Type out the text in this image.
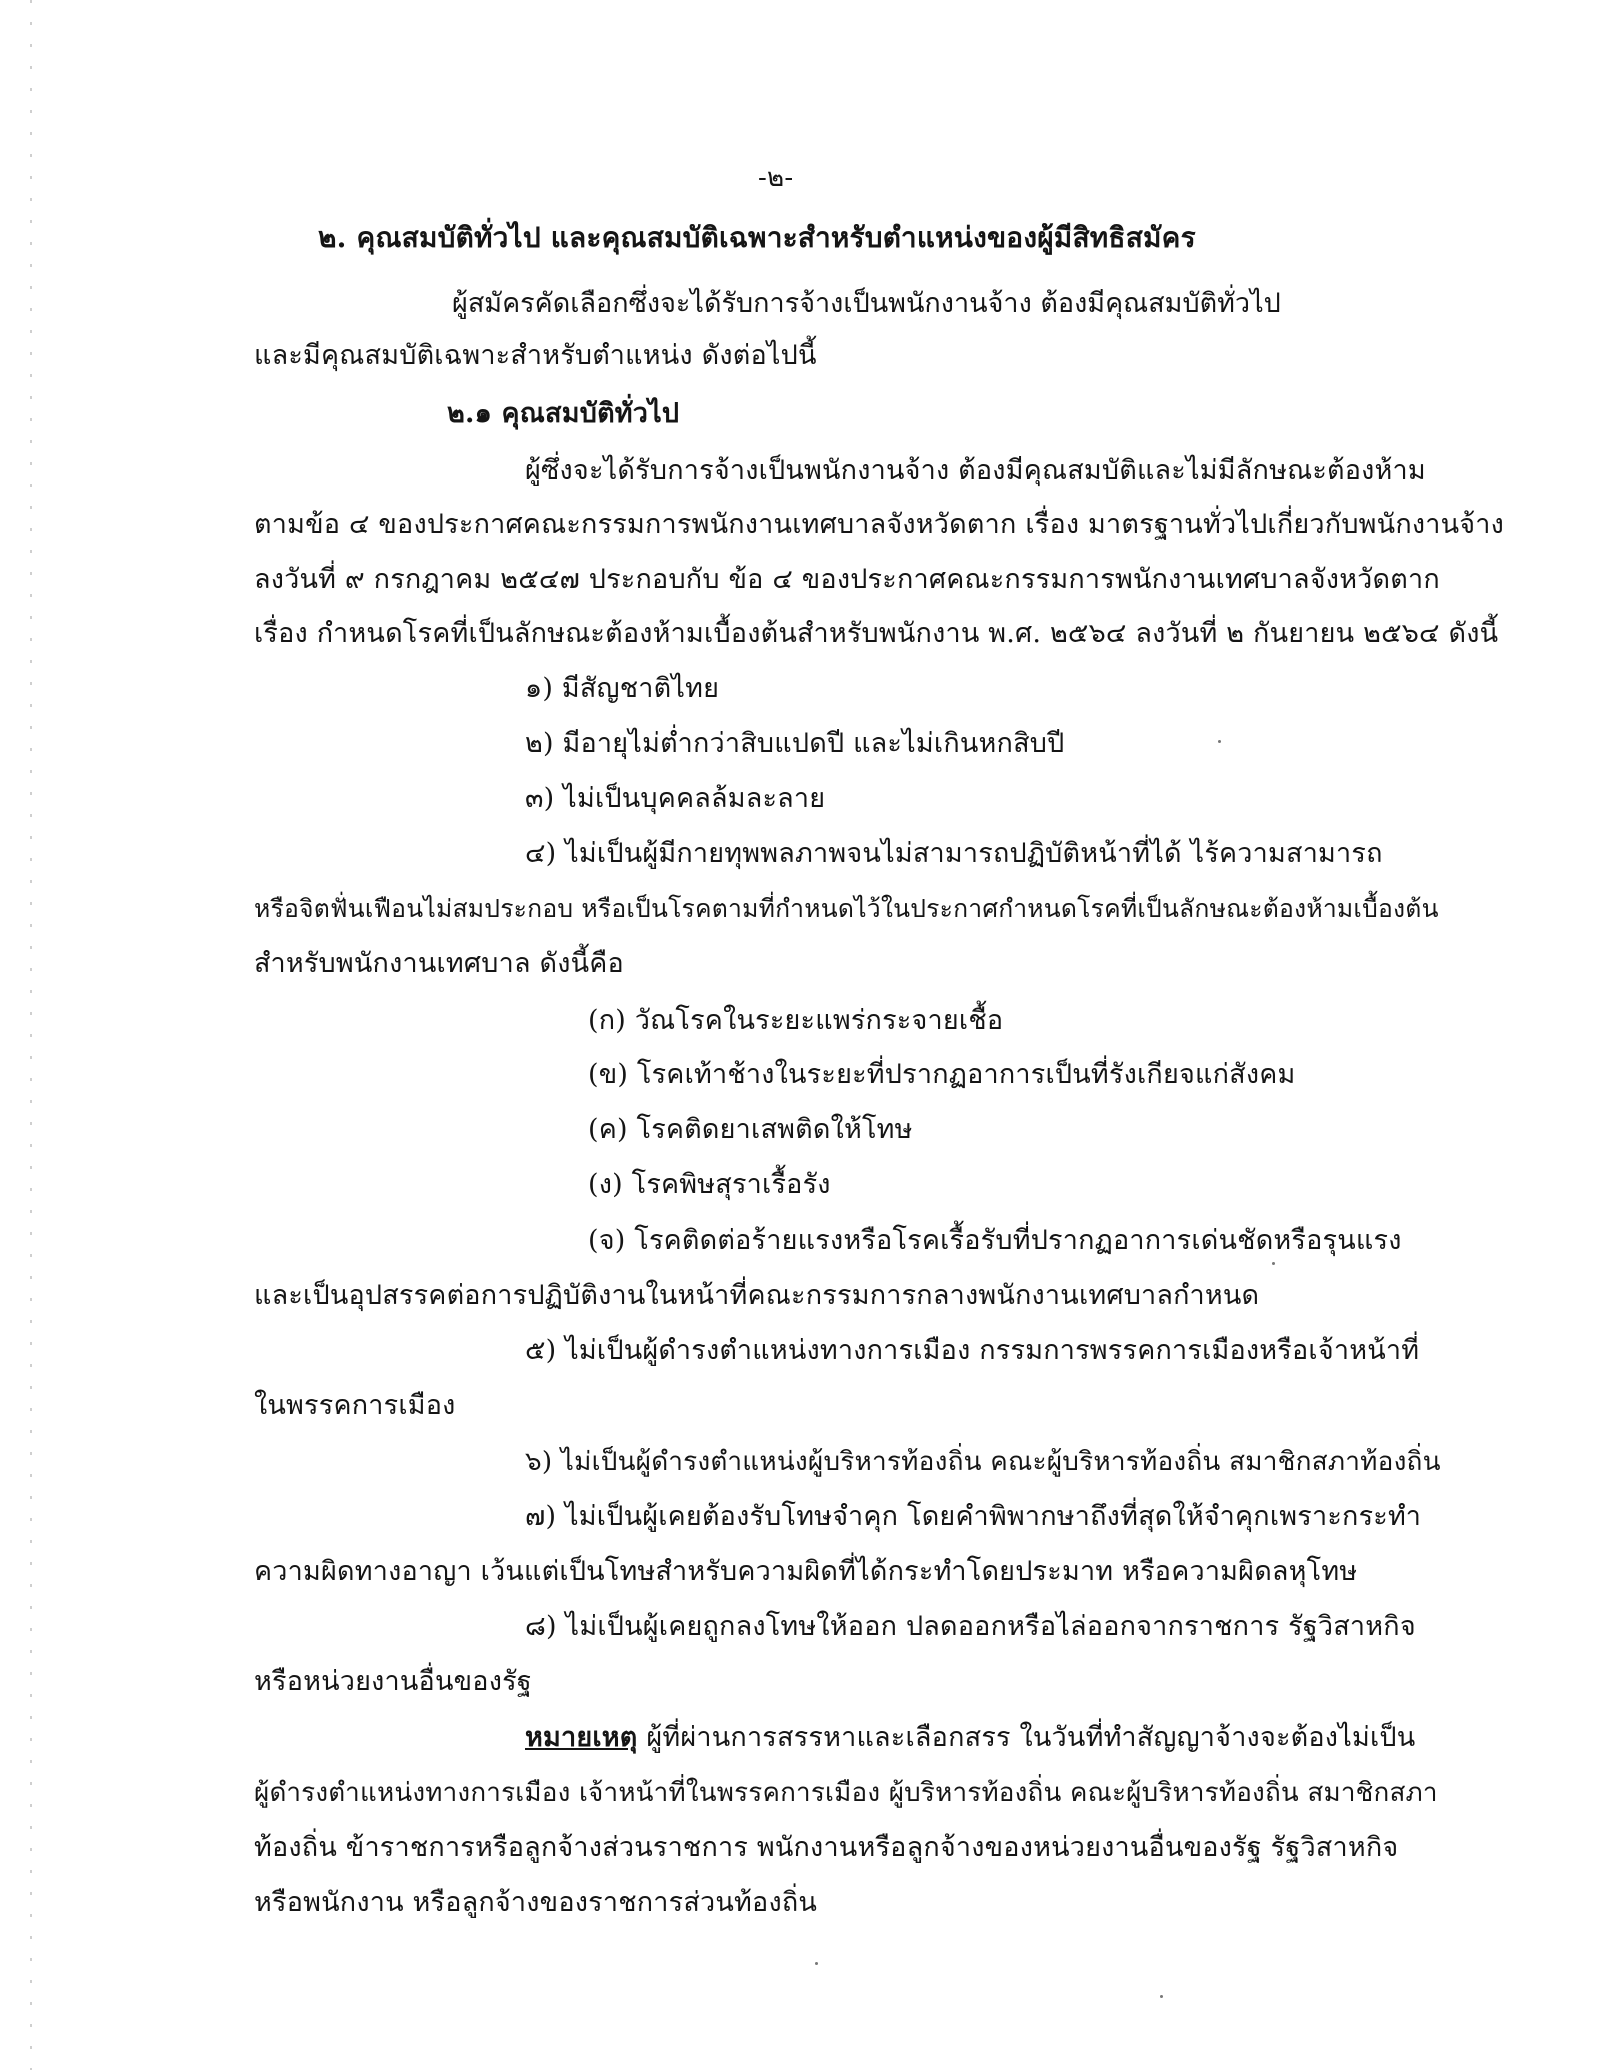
-๒-
๒. คุณสมบัติทั่วไป และคุณสมบัติเฉพาะสำหรับตำแหน่งของผู้มีสิทธิสมัคร
ผู้สมัครคัดเลือกซึ่งจะได้รับการจ้างเป็นพนักงานจ้าง ต้องมีคุณสมบัติทั่วไป
และมีคุณสมบัติเฉพาะสำหรับตำแหน่ง ดังต่อไปนี้
๒.๑ คุณสมบัติทั่วไป
ผู้ซึ่งจะได้รับการจ้างเป็นพนักงานจ้าง ต้องมีคุณสมบัติและไม่มีลักษณะต้องห้าม
ตามข้อ ๔ ของประกาศคณะกรรมการพนักงานเทศบาลจังหวัดตาก เรื่อง มาตรฐานทั่วไปเกี่ยวกับพนักงานจ้าง
ลงวันที่ ๙ กรกฎาคม ๒๕๔๗ ประกอบกับ ข้อ ๔ ของประกาศคณะกรรมการพนักงานเทศบาลจังหวัดตาก
เรื่อง กำหนดโรคที่เป็นลักษณะต้องห้ามเบื้องต้นสำหรับพนักงาน พ.ศ. ๒๕๖๔ ลงวันที่ ๒ กันยายน ๒๕๖๔ ดังนี้
๑) มีสัญชาติไทย
๒) มีอายุไม่ต่ำกว่าสิบแปดปี และไม่เกินหกสิบปี
๓) ไม่เป็นบุคคลล้มละลาย
๔) ไม่เป็นผู้มีกายทุพพลภาพจนไม่สามารถปฏิบัติหน้าที่ได้ ไร้ความสามารถ
หรือจิตฟั่นเฟือนไม่สมประกอบ หรือเป็นโรคตามที่กำหนดไว้ในประกาศกำหนดโรคที่เป็นลักษณะต้องห้ามเบื้องต้น
สำหรับพนักงานเทศบาล ดังนี้คือ
(ก) วัณโรคในระยะแพร่กระจายเชื้อ
(ข) โรคเท้าช้างในระยะที่ปรากฏอาการเป็นที่รังเกียจแก่สังคม
(ค) โรคติดยาเสพติดให้โทษ
(ง) โรคพิษสุราเรื้อรัง
(จ) โรคติดต่อร้ายแรงหรือโรคเรื้อรับที่ปรากฏอาการเด่นชัดหรือรุนแรง
และเป็นอุปสรรคต่อการปฏิบัติงานในหน้าที่คณะกรรมการกลางพนักงานเทศบาลกำหนด
๕) ไม่เป็นผู้ดำรงตำแหน่งทางการเมือง กรรมการพรรคการเมืองหรือเจ้าหน้าที่
ในพรรคการเมือง
๖) ไม่เป็นผู้ดำรงตำแหน่งผู้บริหารท้องถิ่น คณะผู้บริหารท้องถิ่น สมาชิกสภาท้องถิ่น
๗) ไม่เป็นผู้เคยต้องรับโทษจำคุก โดยคำพิพากษาถึงที่สุดให้จำคุกเพราะกระทำ
ความผิดทางอาญา เว้นแต่เป็นโทษสำหรับความผิดที่ได้กระทำโดยประมาท หรือความผิดลหุโทษ
๘) ไม่เป็นผู้เคยถูกลงโทษให้ออก ปลดออกหรือไล่ออกจากราชการ รัฐวิสาหกิจ
หรือหน่วยงานอื่นของรัฐ
หมายเหตุ ผู้ที่ผ่านการสรรหาและเลือกสรร ในวันที่ทำสัญญาจ้างจะต้องไม่เป็น
ผู้ดำรงตำแหน่งทางการเมือง เจ้าหน้าที่ในพรรคการเมือง ผู้บริหารท้องถิ่น คณะผู้บริหารท้องถิ่น สมาชิกสภา
ท้องถิ่น ข้าราชการหรือลูกจ้างส่วนราชการ พนักงานหรือลูกจ้างของหน่วยงานอื่นของรัฐ รัฐวิสาหกิจ
หรือพนักงาน หรือลูกจ้างของราชการส่วนท้องถิ่น
